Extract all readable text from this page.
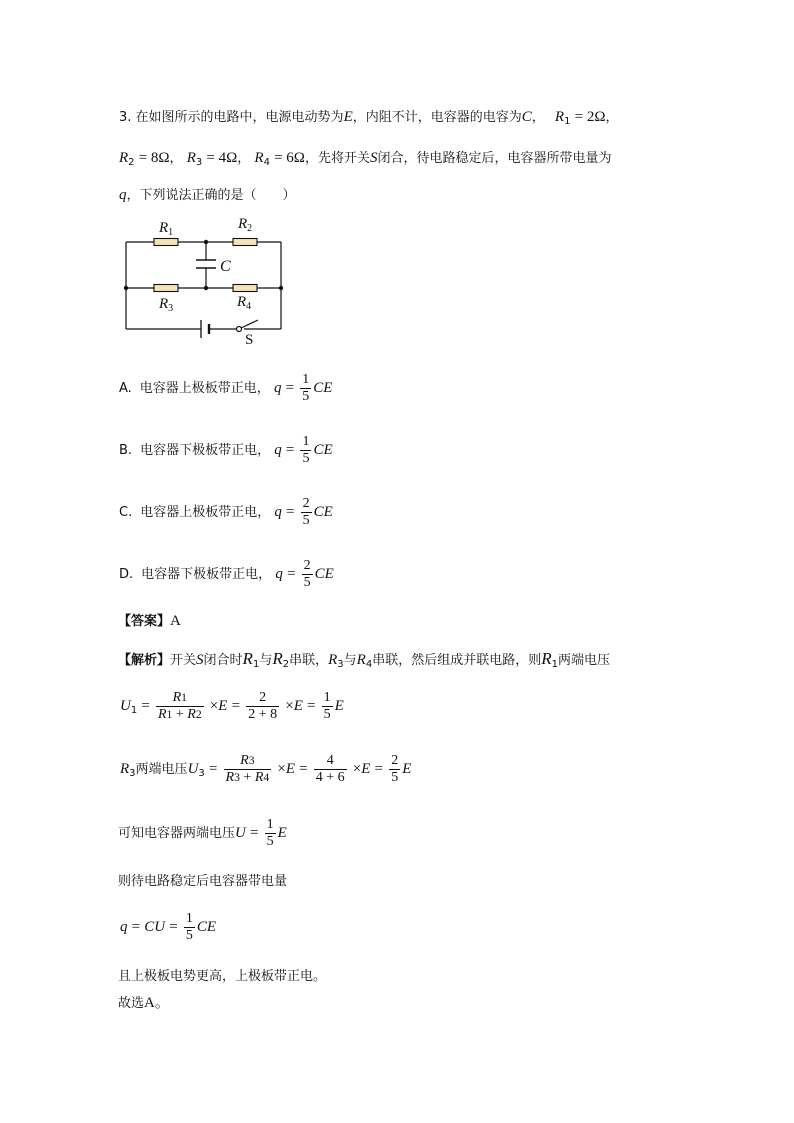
3. 在如图所示的电路中，电源电动势为E，内阻不计，电容器的电容为C， $R_1 = 2\Omega$，
$R_2 = 8\Omega$， $R_3 = 4\Omega$， $R_4 = 6\Omega$，先将开关S闭合，待电路稳定后，电容器所带电量为
q，下列说法正确的是（　　）
$R_1$
$R_2$
$R_3$	$R_4$
C
S
A. 电容器上极板带正电， $q = \frac{1}{5}$ CE
B. 电容器下极板带正电， $q = \frac{1}{5}$ CE
C. 电容器上极板带正电， $q = \frac{2}{5}$ CE
D. 电容器下极板带正电， $q = \frac{2}{5}$ CE
【答案】A
【解析】开关S闭合时$R_1$与$R_2$串联，$R_3$与$R_4$串联，然后组成并联电路，则$R_1$两端电压
$U_1 = \frac{R1}{R1 + R2} \times E = \frac{2}{2 + 8} \times E = \frac{1}{5}$ E
$R_3$两端电压$U_3 = \frac{R3}{R3 + R4} \times E = \frac{4}{4 + 6} \times E = \frac{2}{5}$ E
可知电容器两端电压$U = \frac{1}{5}$ E
则待电路稳定后电容器带电量
q = CU = $\frac{1}{5}$ CE
且上极板电势更高，上极板带正电。
故选A。
